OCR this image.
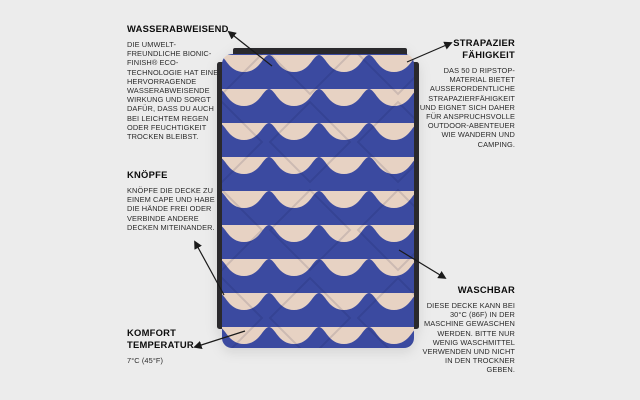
WASSERABWEISEND

DIE UMWELT-FREUNDLICHE BIONIC-FINISH® ECO-TECHNOLOGIE HAT EINE HERVORRAGENDE WASSERABWEISENDE WIRKUNG UND SORGT DAFÜR, DASS DU AUCH BEI LEICHTEM REGEN ODER FEUCHTIGKEIT TROCKEN BLEIBST.

KNÖPFE

KNÖPFE DIE DECKE ZU EINEM CAPE UND HABE DIE HÄNDE FREI ODER VERBINDE ANDERE DECKEN MITEINANDER.

KOMFORT TEMPERATUR

7°C (45°F)

STRAPAZIER FÄHIGKEIT

DAS 50 D RIPSTOP-MATERIAL BIETET AUSSERORDENTLICHE STRAPAZIERFÄHIGKEIT UND EIGNET SICH DAHER FÜR ANSPRUCHSVOLLE OUTDOOR-ABENTEUER WIE WANDERN UND CAMPING.

WASCHBAR

DIESE DECKE KANN BEI 30°C (86F) IN DER MASCHINE GEWASCHEN WERDEN. BITTE NUR WENIG WASCHMITTEL VERWENDEN UND NICHT IN DEN TROCKNER GEBEN.
